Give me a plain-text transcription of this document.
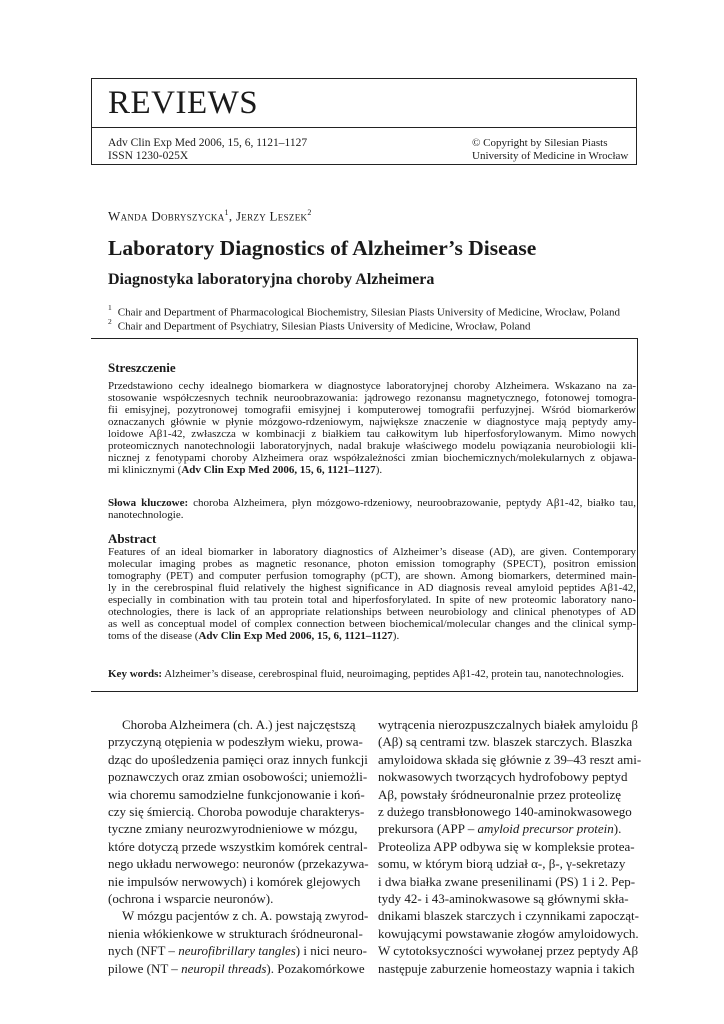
REVIEWS
Adv Clin Exp Med 2006, 15, 6, 1121–1127
ISSN 1230-025X
© Copyright by Silesian Piasts
University of Medicine in Wrocław
Wanda Dobryszycka$^1$, Jerzy Leszek$^2$
Laboratory Diagnostics of Alzheimer’s Disease
Diagnostyka laboratoryjna choroby Alzheimera
$^1$ Chair and Department of Pharmacological Biochemistry, Silesian Piasts University of Medicine, Wrocław, Poland
$^2$ Chair and Department of Psychiatry, Silesian Piasts University of Medicine, Wrocław, Poland
Streszczenie
Przedstawiono cechy idealnego biomarkera w diagnostyce laboratoryjnej choroby Alzheimera. Wskazano na za-
stosowanie współczesnych technik neuroobrazowania: jądrowego rezonansu magnetycznego, fotonowej tomogra-
fii emisyjnej, pozytronowej tomografii emisyjnej i komputerowej tomografii perfuzyjnej. Wśród biomarkerów
oznaczanych głównie w płynie mózgowo-rdzeniowym, największe znaczenie w diagnostyce mają peptydy amy-
loidowe Aβ1-42, zwłaszcza w kombinacji z białkiem tau całkowitym lub hiperfosforylowanym. Mimo nowych
proteomicznych nanotechnologii laboratoryjnych, nadal brakuje właściwego modelu powiązania neurobiologii kli-
nicznej z fenotypami choroby Alzheimera oraz współzależności zmian biochemicznych/molekularnych z objawa-
mi klinicznymi (Adv Clin Exp Med 2006, 15, 6, 1121–1127).
Słowa kluczowe: choroba Alzheimera, płyn mózgowo-rdzeniowy, neuroobrazowanie, peptydy Aβ1-42, białko tau,
nanotechnologie.
Abstract
Features of an ideal biomarker in laboratory diagnostics of Alzheimer’s disease (AD), are given. Contemporary
molecular imaging probes as magnetic resonance, photon emission tomography (SPECT), positron emission
tomography (PET) and computer perfusion tomography (pCT), are shown. Among biomarkers, determined main-
ly in the cerebrospinal fluid relatively the highest significance in AD diagnosis reveal amyloid peptides Aβ1-42,
especially in combination with tau protein total and hiperfosforylated. In spite of new proteomic laboratory nano-
otechnologies, there is lack of an appropriate relationships between neurobiology and clinical phenotypes of AD
as well as conceptual model of complex connection between biochemical/molecular changes and the clinical symp-
toms of the disease (Adv Clin Exp Med 2006, 15, 6, 1121–1127).
Key words: Alzheimer’s disease, cerebrospinal fluid, neuroimaging, peptides Aβ1-42, protein tau, nanotechnologies.
Choroba Alzheimera (ch. A.) jest najczęstszą
przyczyną otępienia w podeszłym wieku, prowa-
dząc do upośledzenia pamięci oraz innych funkcji
poznawczych oraz zmian osobowości; uniemożli-
wia choremu samodzielne funkcjonowanie i koń-
czy się śmiercią. Choroba powoduje charakterys-
tyczne zmiany neurozwyrodnieniowe w mózgu,
które dotyczą przede wszystkim komórek central-
nego układu nerwowego: neuronów (przekazywa-
nie impulsów nerwowych) i komórek glejowych
(ochrona i wsparcie neuronów).
W mózgu pacjentów z ch. A. powstają zwyrod-
nienia włókienkowe w strukturach śródneuronal-
nych (NFT – neurofibrillary tangles) i nici neuro-
pilowe (NT – neuropil threads). Pozakomórkowe
wytrącenia nierozpuszczalnych białek amyloidu β
(Aβ) są centrami tzw. blaszek starczych. Blaszka
amyloidowa składa się głównie z 39–43 reszt ami-
nokwasowych tworzących hydrofobowy peptyd
Aβ, powstały śródneuronalnie przez proteolizę
z dużego transbłonowego 140-aminokwasowego
prekursora (APP – amyloid precursor protein).
Proteoliza APP odbywa się w kompleksie protea-
somu, w którym biorą udział α-, β-, γ-sekretazy
i dwa białka zwane presenilinami (PS) 1 i 2. Pep-
tydy 42- i 43-aminokwasowe są głównymi skła-
dnikami blaszek starczych i czynnikami zapocząt-
kowującymi powstawanie złogów amyloidowych.
W cytotoksyczności wywołanej przez peptydy Aβ
następuje zaburzenie homeostazy wapnia i takich
